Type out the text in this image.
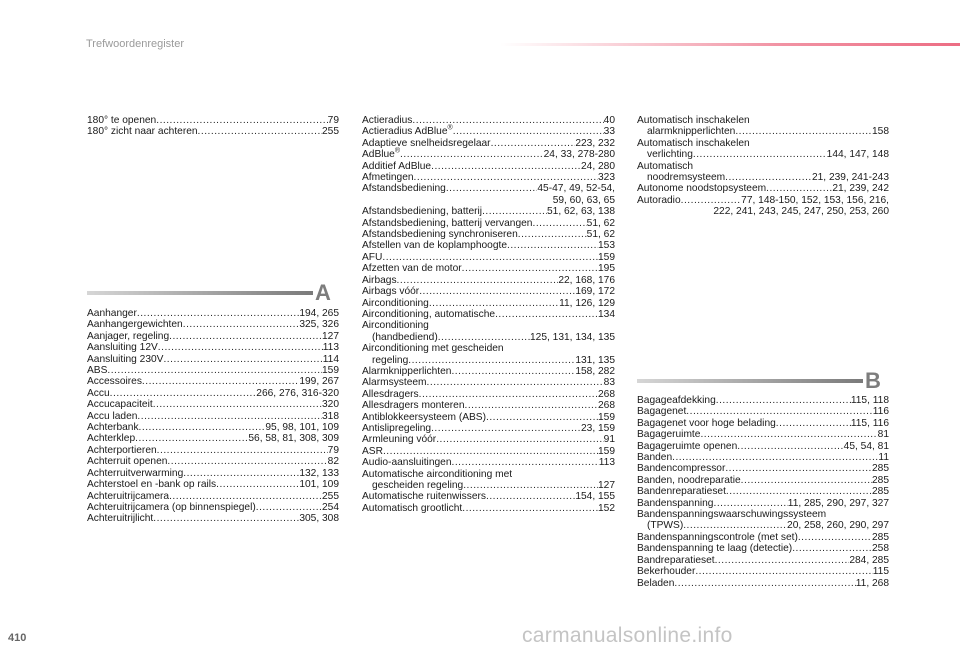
Trefwoordenregister
180° te openen .....	79
180° zicht naar achteren .....	255
A
Aanhanger .....	194, 265
Aanhangergewichten .....	325, 326
Aanjager, regeling .....	127
Aansluiting 12V .....	113
Aansluiting 230V .....	114
ABS .....	159
Accessoires .....	199, 267
Accu .....	266, 276, 316-320
Accucapaciteit .....	320
Accu laden .....	318
Achterbank .....	95, 98, 101, 109
Achterklep .....	56, 58, 81, 308, 309
Achterportieren .....	79
Achterruit openen .....	82
Achterruitverwarming .....	132, 133
Achterstoel en -bank op rails .....	101, 109
Achteruitrijcamera .....	255
Achteruitrijcamera (op binnenspiegel) .....	254
Achteruitrijlicht .....	305, 308
Actieradius .....	40
Actieradius AdBlue® .....	33
Adaptieve snelheidsregelaar .....	223, 232
AdBlue® .....	24, 33, 278-280
Additief AdBlue .....	24, 280
Afmetingen .....	323
Afstandsbediening .....	45-47, 49, 52-54,
59, 60, 63, 65
Afstandsbediening, batterij .....	51, 62, 63, 138
Afstandsbediening, batterij vervangen .....	51, 62
Afstandsbediening synchroniseren .....	51, 62
Afstellen van de koplamphoogte .....	153
AFU .....	159
Afzetten van de motor .....	195
Airbags .....	22, 168, 176
Airbags vóór .....	169, 172
Airconditioning .....	11, 126, 129
Airconditioning, automatische .....	134
Airconditioning
(handbediend) .....	125, 131, 134, 135
Airconditioning met gescheiden
regeling .....	131, 135
Alarmknipperlichten .....	158, 282
Alarmsysteem .....	83
Allesdragers .....	268
Allesdragers monteren .....	268
Antiblokkeersysteem (ABS) .....	159
Antislipregeling .....	23, 159
Armleuning vóór .....	91
ASR .....	159
Audio-aansluitingen .....	113
Automatische airconditioning met
gescheiden regeling .....	127
Automatische ruitenwissers .....	154, 155
Automatisch grootlicht .....	152
Automatisch inschakelen
alarmknipperlichten .....	158
Automatisch inschakelen
verlichting .....	144, 147, 148
Automatisch
noodremsysteem .....	21, 239, 241-243
Autonome noodstopsysteem .....	21, 239, 242
Autoradio .....	77, 148-150, 152, 153, 156, 216,
222, 241, 243, 245, 247, 250, 253, 260
B
Bagageafdekking .....	115, 118
Bagagenet .....	116
Bagagenet voor hoge belading .....	115, 116
Bagageruimte .....	81
Bagageruimte openen .....	45, 54, 81
Banden .....	11
Bandencompressor .....	285
Banden, noodreparatie .....	285
Bandenreparatieset .....	285
Bandenspanning .....	11, 285, 290, 297, 327
Bandenspanningswaarschuwingssysteem
(TPWS) .....	20, 258, 260, 290, 297
Bandenspanningscontrole (met set) .....	285
Bandenspanning te laag (detectie) .....	258
Bandreparatieset .....	284, 285
Bekerhouder .....	115
Beladen .....	11, 268
410	carmanualsonline.info
